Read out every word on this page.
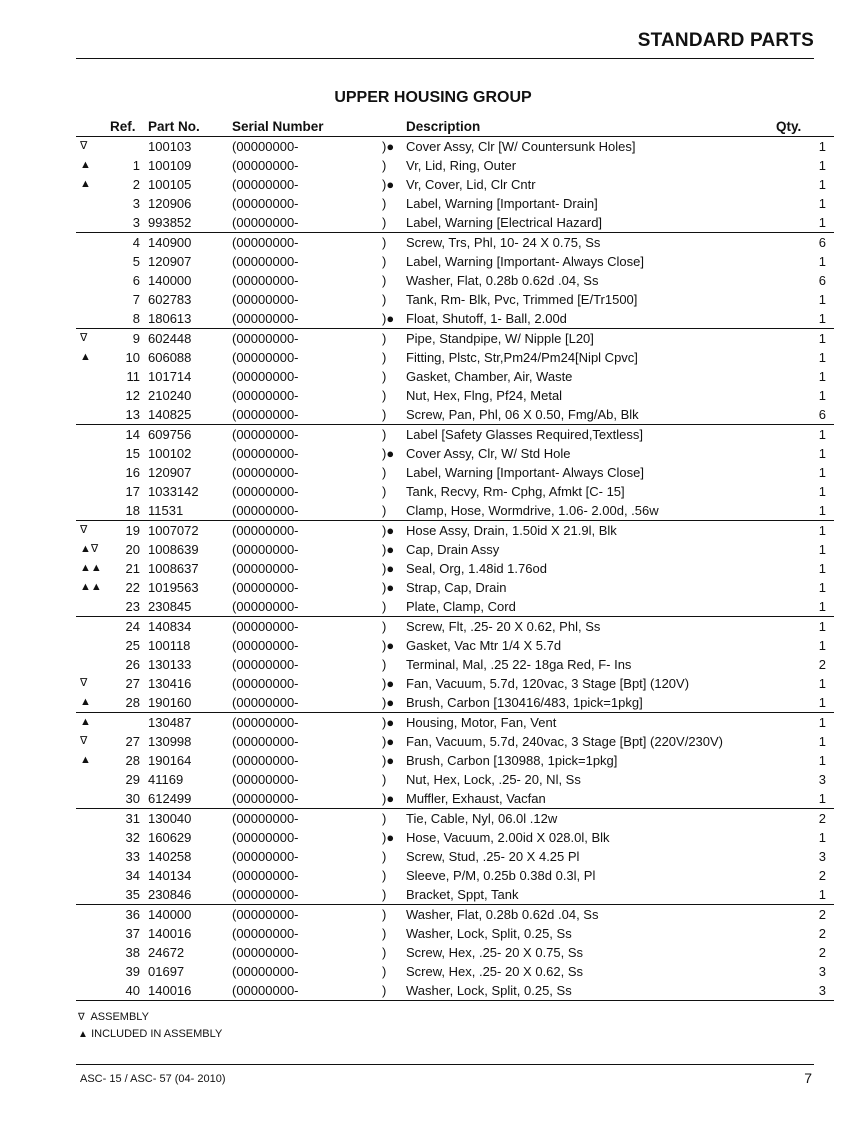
STANDARD PARTS
UPPER HOUSING GROUP
	Ref.	Part No.	Serial Number		Description	Qty.
∇		100103	(00000000-	)●	Cover Assy, Clr [W/ Countersunk Holes]	1
▲	1	100109	(00000000-	)	Vr, Lid, Ring, Outer	1
▲	2	100105	(00000000-	)●	Vr, Cover, Lid, Clr Cntr	1
	3	120906	(00000000-	)	Label, Warning [Important- Drain]	1
	3	993852	(00000000-	)	Label, Warning [Electrical Hazard]	1
	4	140900	(00000000-	)	Screw, Trs, Phl, 10- 24 X 0.75, Ss	6
	5	120907	(00000000-	)	Label, Warning [Important- Always Close]	1
	6	140000	(00000000-	)	Washer, Flat, 0.28b 0.62d .04, Ss	6
	7	602783	(00000000-	)	Tank, Rm- Blk, Pvc, Trimmed [E/Tr1500]	1
	8	180613	(00000000-	)●	Float, Shutoff, 1- Ball, 2.00d	1
∇	9	602448	(00000000-	)	Pipe, Standpipe, W/ Nipple [L20]	1
▲	10	606088	(00000000-	)	Fitting, Plstc, Str,Pm24/Pm24[Nipl Cpvc]	1
	11	101714	(00000000-	)	Gasket, Chamber, Air, Waste	1
	12	210240	(00000000-	)	Nut, Hex, Flng, Pf24, Metal	1
	13	140825	(00000000-	)	Screw, Pan, Phl, 06 X 0.50, Fmg/Ab, Blk	6
	14	609756	(00000000-	)	Label [Safety Glasses Required,Textless]	1
	15	100102	(00000000-	)●	Cover Assy, Clr, W/ Std Hole	1
	16	120907	(00000000-	)	Label, Warning [Important- Always Close]	1
	17	1033142	(00000000-	)	Tank, Recvy, Rm- Cphg, Afmkt [C- 15]	1
	18	11531	(00000000-	)	Clamp, Hose, Wormdrive, 1.06- 2.00d, .56w	1
∇	19	1007072	(00000000-	)●	Hose Assy, Drain, 1.50id X 21.9l, Blk	1
▲∇	20	1008639	(00000000-	)●	Cap, Drain Assy	1
▲▲	21	1008637	(00000000-	)●	Seal, Org, 1.48id 1.76od	1
▲▲	22	1019563	(00000000-	)●	Strap, Cap, Drain	1
	23	230845	(00000000-	)	Plate, Clamp, Cord	1
	24	140834	(00000000-	)	Screw, Flt, .25- 20 X 0.62, Phl, Ss	1
	25	100118	(00000000-	)●	Gasket, Vac Mtr 1/4 X 5.7d	1
	26	130133	(00000000-	)	Terminal, Mal, .25 22- 18ga Red, F- Ins	2
∇	27	130416	(00000000-	)●	Fan, Vacuum, 5.7d, 120vac, 3 Stage [Bpt] (120V)	1
▲	28	190160	(00000000-	)●	Brush, Carbon [130416/483, 1pick=1pkg]	1
▲		130487	(00000000-	)●	Housing, Motor, Fan, Vent	1
∇	27	130998	(00000000-	)●	Fan, Vacuum, 5.7d, 240vac, 3 Stage [Bpt] (220V/230V)	1
▲	28	190164	(00000000-	)●	Brush, Carbon [130988, 1pick=1pkg]	1
	29	41169	(00000000-	)	Nut, Hex, Lock, .25- 20, Nl, Ss	3
	30	612499	(00000000-	)●	Muffler, Exhaust, Vacfan	1
	31	130040	(00000000-	)	Tie, Cable, Nyl, 06.0l .12w	2
	32	160629	(00000000-	)●	Hose, Vacuum, 2.00id X 028.0l, Blk	1
	33	140258	(00000000-	)	Screw, Stud, .25- 20 X 4.25 Pl	3
	34	140134	(00000000-	)	Sleeve, P/M, 0.25b 0.38d 0.3l, Pl	2
	35	230846	(00000000-	)	Bracket, Sppt, Tank	1
	36	140000	(00000000-	)	Washer, Flat, 0.28b 0.62d .04, Ss	2
	37	140016	(00000000-	)	Washer, Lock, Split, 0.25, Ss	2
	38	24672	(00000000-	)	Screw, Hex, .25- 20 X 0.75, Ss	2
	39	01697	(00000000-	)	Screw, Hex, .25- 20 X 0.62, Ss	3
	40	140016	(00000000-	)	Washer, Lock, Split, 0.25, Ss	3
∇ ASSEMBLY
▲ INCLUDED IN ASSEMBLY
ASC- 15 / ASC- 57 (04- 2010)	7
